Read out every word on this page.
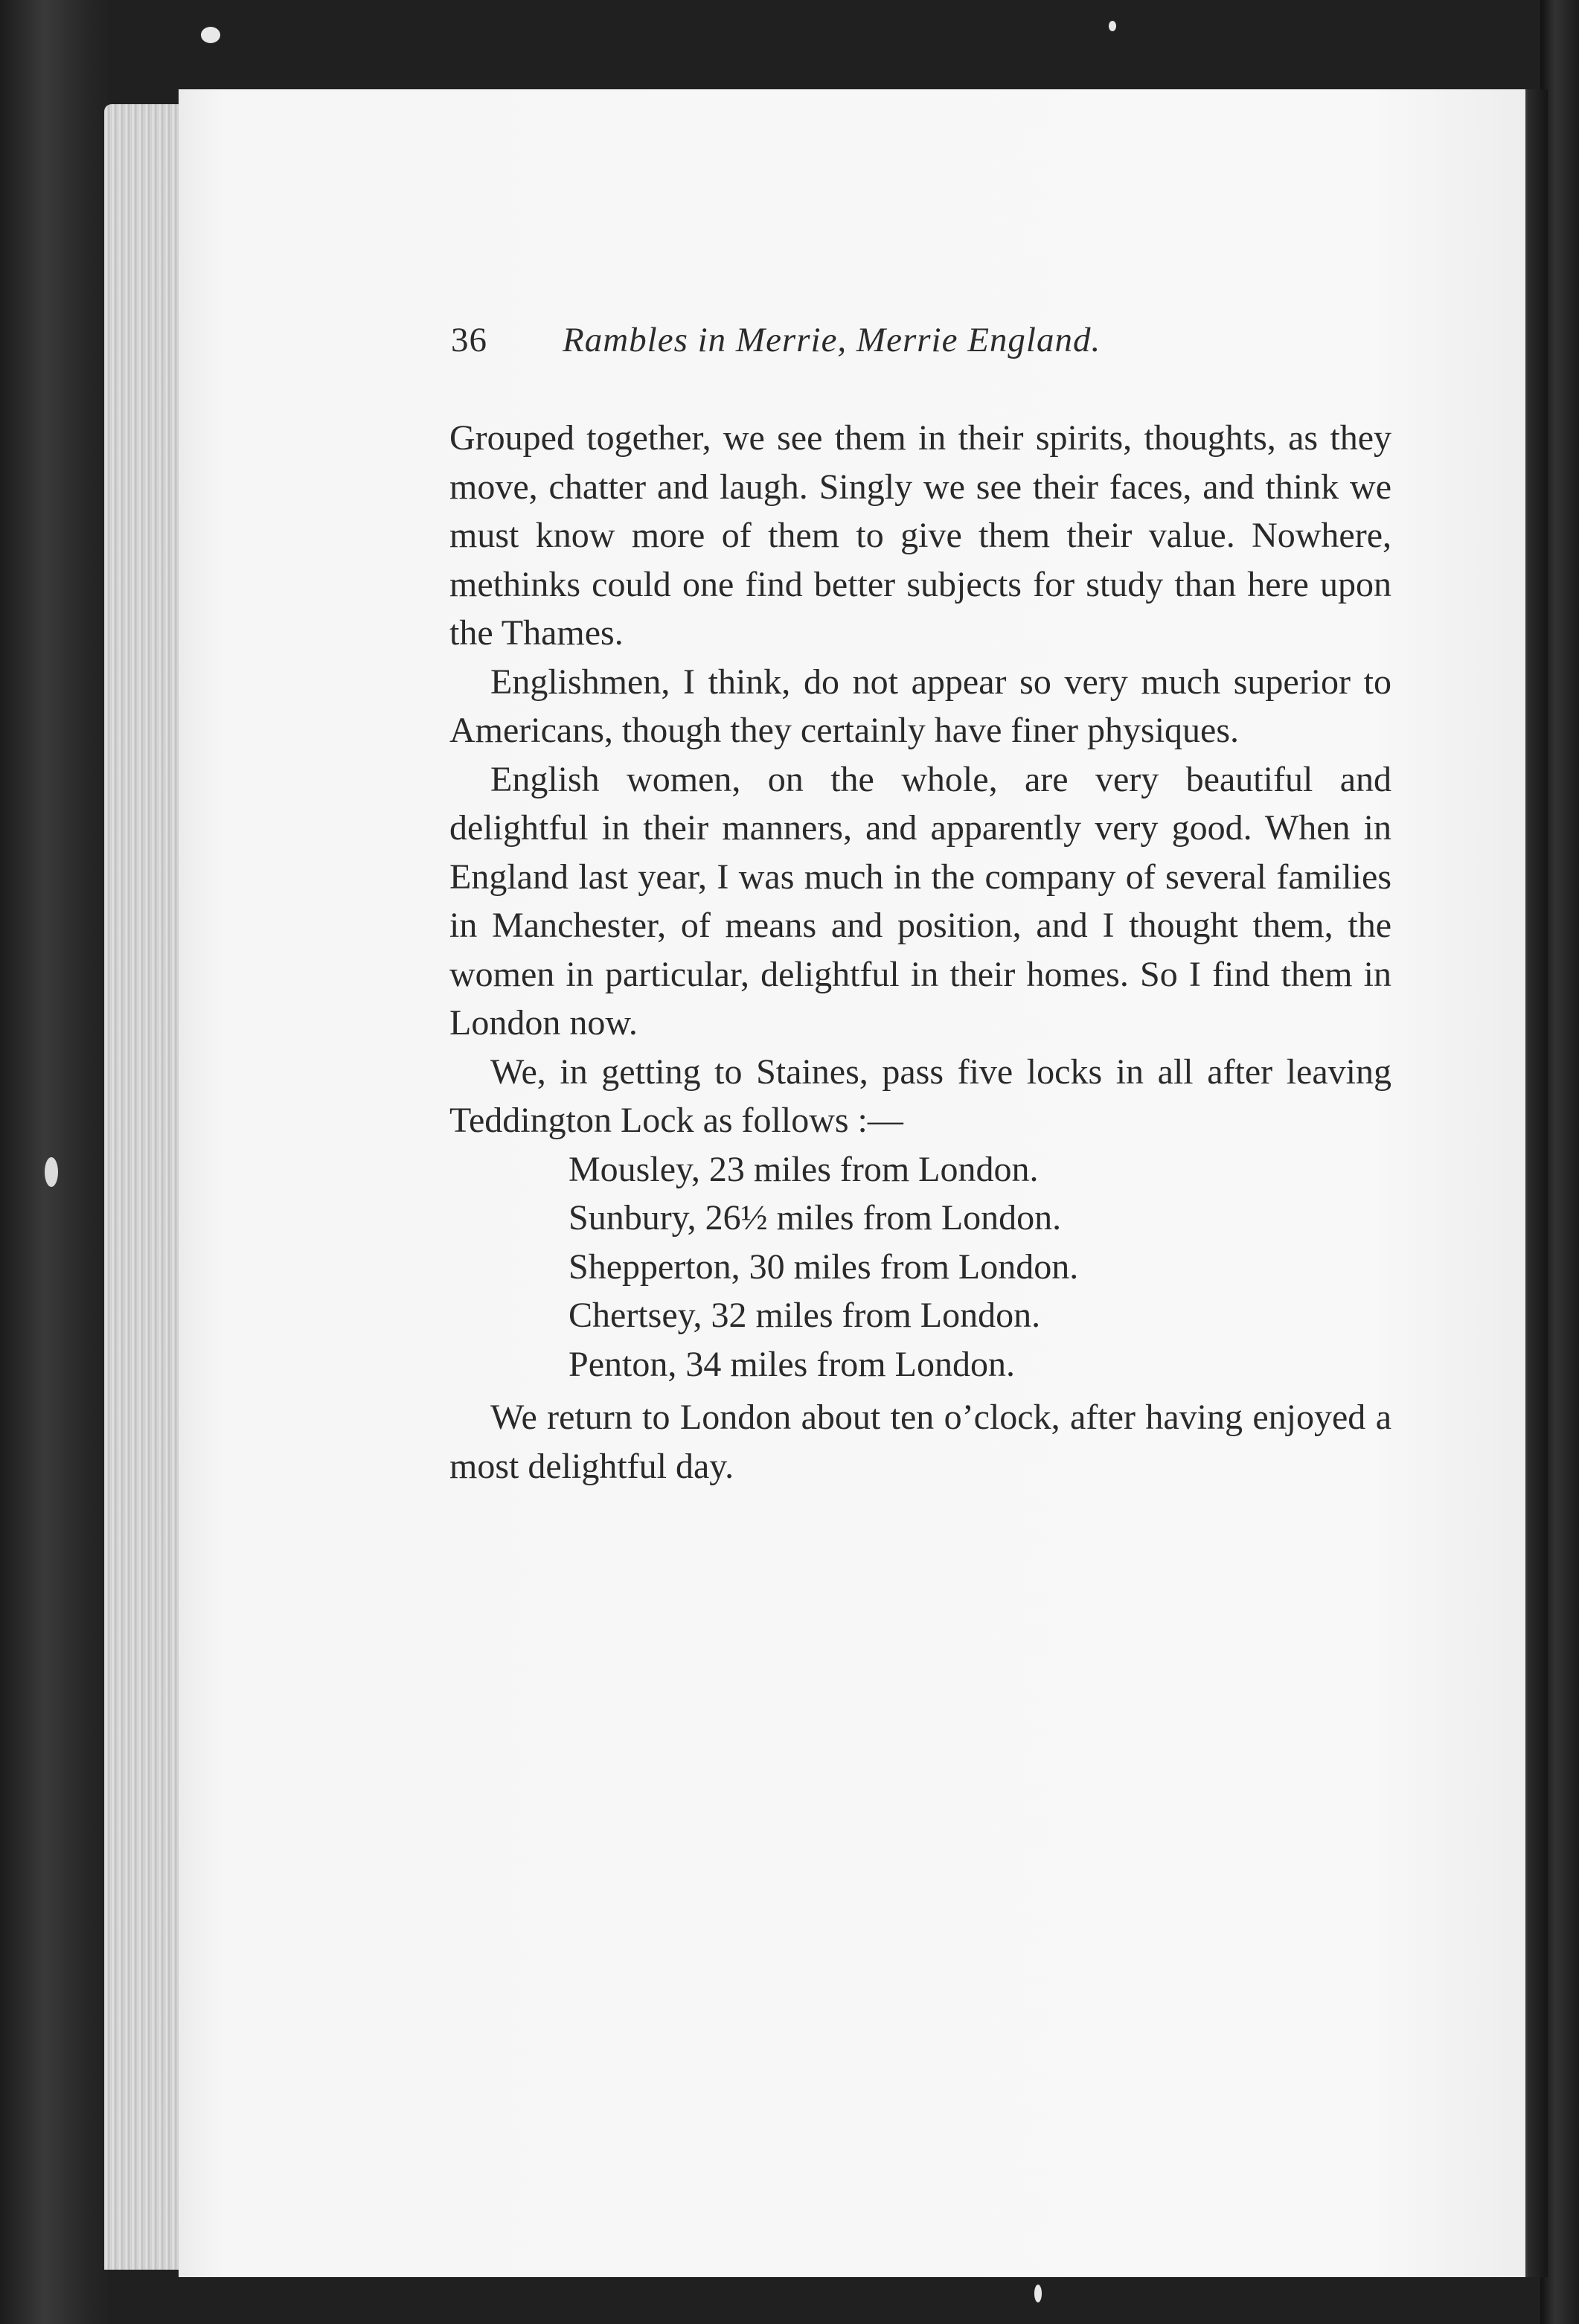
36 Rambles in Merrie, Merrie England.

Grouped together, we see them in their spirits, thoughts, as they move, chatter and laugh. Singly we see their faces, and think we must know more of them to give them their value. Nowhere, methinks could one find better subjects for study than here upon the Thames.

Englishmen, I think, do not appear so very much superior to Americans, though they certainly have finer physiques.

English women, on the whole, are very beautiful and delightful in their manners, and apparently very good. When in England last year, I was much in the company of several families in Manchester, of means and position, and I thought them, the women in particular, delightful in their homes. So I find them in London now.

We, in getting to Staines, pass five locks in all after leaving Teddington Lock as follows :—

Mousley, 23 miles from London.
Sunbury, 26½ miles from London.
Shepperton, 30 miles from London.
Chertsey, 32 miles from London.
Penton, 34 miles from London.

We return to London about ten o’clock, after having enjoyed a most delightful day.
